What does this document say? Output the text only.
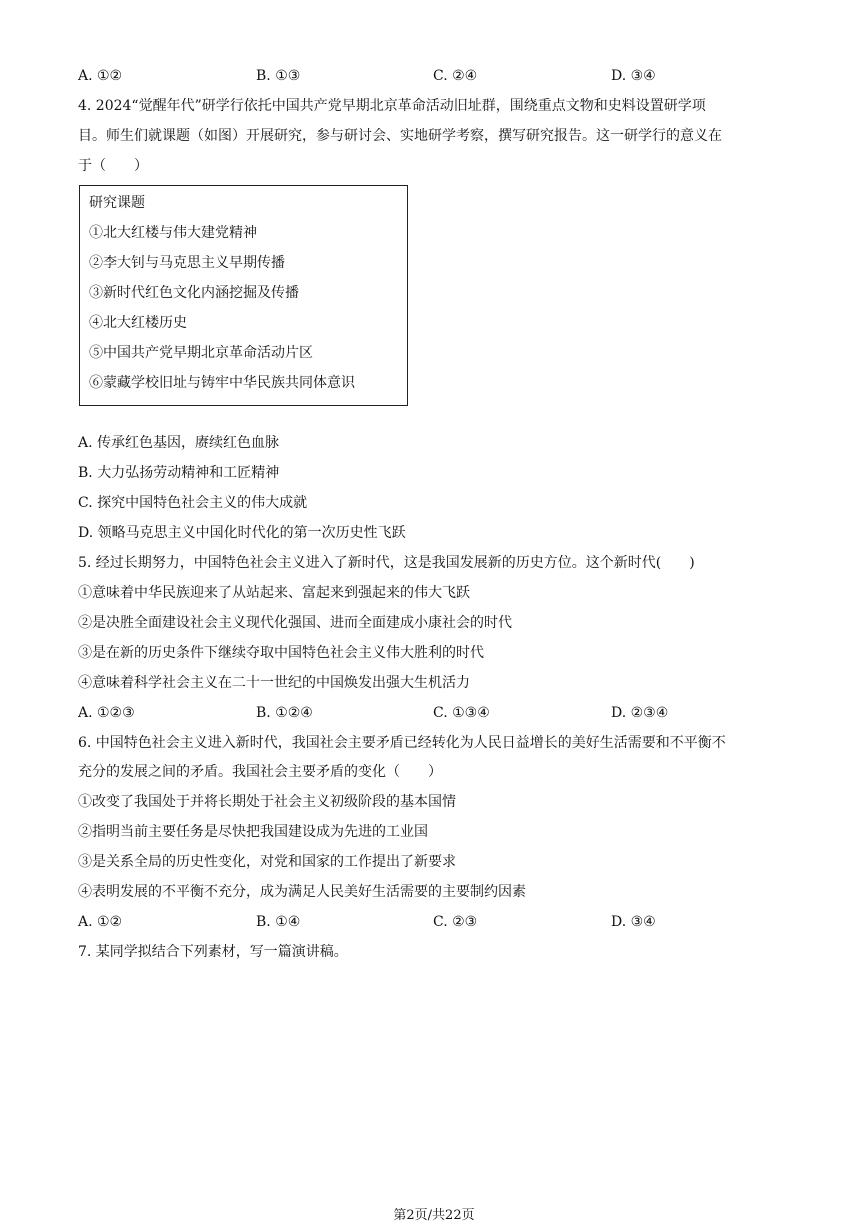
A. ①②	B. ①③	C. ②④	D. ③④
4. 2024“觉醒年代”研学行依托中国共产党早期北京革命活动旧址群，围绕重点文物和史料设置研学项
目。师生们就课题（如图）开展研究，参与研讨会、实地研学考察，撰写研究报告。这一研学行的意义在
于（　　）
研究课题
①北大红楼与伟大建党精神
②李大钊与马克思主义早期传播
③新时代红色文化内涵挖掘及传播
④北大红楼历史
⑤中国共产党早期北京革命活动片区
⑥蒙藏学校旧址与铸牢中华民族共同体意识
A. 传承红色基因，赓续红色血脉
B. 大力弘扬劳动精神和工匠精神
C. 探究中国特色社会主义的伟大成就
D. 领略马克思主义中国化时代化的第一次历史性飞跃
5. 经过长期努力，中国特色社会主义进入了新时代，这是我国发展新的历史方位。这个新时代(　　)
①意味着中华民族迎来了从站起来、富起来到强起来的伟大飞跃
②是决胜全面建设社会主义现代化强国、进而全面建成小康社会的时代
③是在新的历史条件下继续夺取中国特色社会主义伟大胜利的时代
④意味着科学社会主义在二十一世纪的中国焕发出强大生机活力
A. ①②③	B. ①②④	C. ①③④	D. ②③④
6. 中国特色社会主义进入新时代，我国社会主要矛盾已经转化为人民日益增长的美好生活需要和不平衡不
充分的发展之间的矛盾。我国社会主要矛盾的变化（　　）
①改变了我国处于并将长期处于社会主义初级阶段的基本国情
②指明当前主要任务是尽快把我国建设成为先进的工业国
③是关系全局的历史性变化，对党和国家的工作提出了新要求
④表明发展的不平衡不充分，成为满足人民美好生活需要的主要制约因素
A. ①②	B. ①④	C. ②③	D. ③④
7. 某同学拟结合下列素材，写一篇演讲稿。
第2页/共22页
